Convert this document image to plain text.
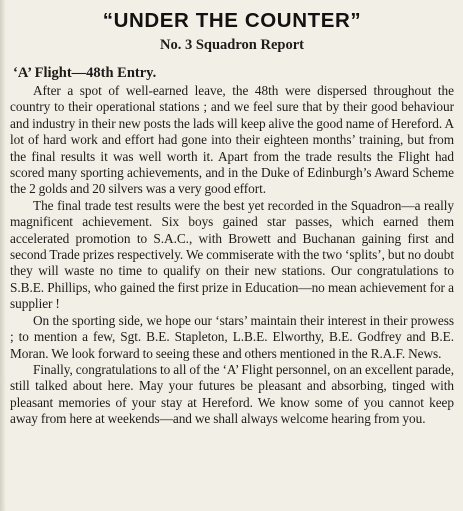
“UNDER THE COUNTER”
No. 3 Squadron Report
‘A’ Flight—48th Entry.

After a spot of well-earned leave, the 48th were dispersed throughout the country to their operational stations ; and we feel sure that by their good behaviour and industry in their new posts the lads will keep alive the good name of Hereford. A lot of hard work and effort had gone into their eighteen months’ training, but from the final results it was well worth it. Apart from the trade results the Flight had scored many sporting achievements, and in the Duke of Edinburgh’s Award Scheme the 2 golds and 20 silvers was a very good effort.

The final trade test results were the best yet recorded in the Squadron—a really magnificent achievement. Six boys gained star passes, which earned them accelerated promotion to S.A.C., with Browett and Buchanan gaining first and second Trade prizes respectively. We commiserate with the two ‘splits’, but no doubt they will waste no time to qualify on their new stations. Our congratulations to S.B.E. Phillips, who gained the first prize in Education—no mean achievement for a supplier !

On the sporting side, we hope our ‘stars’ maintain their interest in their prowess ; to mention a few, Sgt. B.E. Stapleton, L.B.E. Elworthy, B.E. Godfrey and B.E. Moran. We look forward to seeing these and others mentioned in the R.A.F. News.

Finally, congratulations to all of the ‘A’ Flight personnel, on an excellent parade, still talked about here. May your futures be pleasant and absorbing, tinged with pleasant memories of your stay at Hereford. We know some of you cannot keep away from here at weekends—and we shall always welcome hearing from you.
